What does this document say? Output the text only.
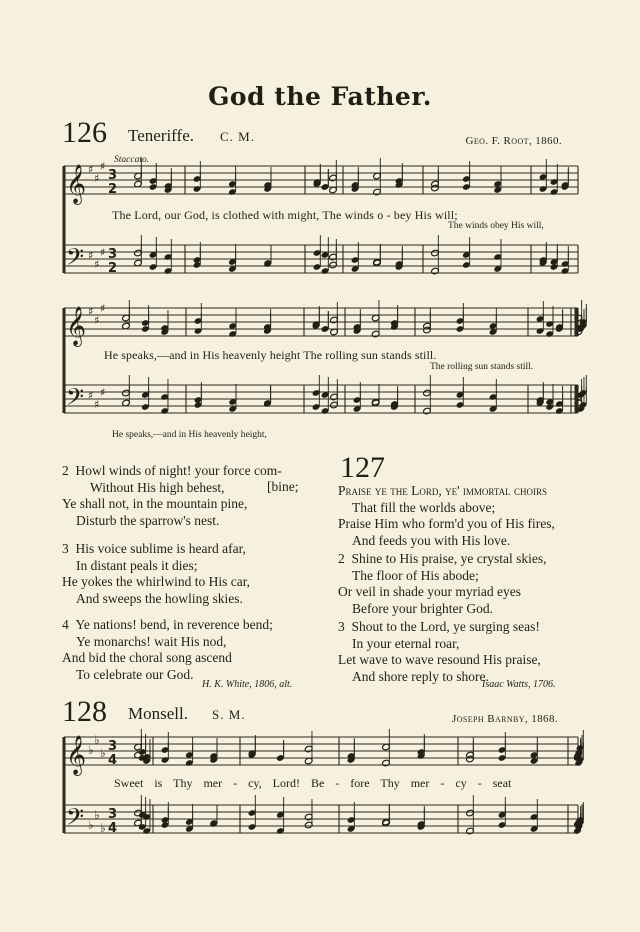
𝄞
𝄢
♯
♯
♯
♯
♯
♯
3
2
3
2
𝄞
𝄢
♯
♯
♯
♯
♯
♯
𝄞
𝄢
♭
♭
♭
♭
♭
♭
3
4
3
4
God the Father.
126 Teneriffe. C. M.	Geo. F. Root, 1860.
Staccato.
The Lord, our God, is clothed with might, The winds o - bey His will;
The winds obey His will,
He speaks,—and in His heavenly height The rolling sun stands still.
The rolling sun stands still.
He speaks,—and in His heavenly height,
2 Howl winds of night! your force com-
Without His high behest,
Ye shall not, in the mountain pine,
Disturb the sparrow's nest.
[bine;
3 His voice sublime is heard afar,
In distant peals it dies;
He yokes the whirlwind to His car,
And sweeps the howling skies.
4 Ye nations! bend, in reverence bend;
Ye monarchs! wait His nod,
And bid the choral song ascend
To celebrate our God.
H. K. White, 1806, alt.
127
Praise ye the Lord, ye' immortal choirs
That fill the worlds above;
Praise Him who form'd you of His fires,
And feeds you with His love.
2 Shine to His praise, ye crystal skies,
The floor of His abode;
Or veil in shade your myriad eyes
Before your brighter God.
3 Shout to the Lord, ye surging seas!
In your eternal roar,
Let wave to wave resound His praise,
And shore reply to shore.
Isaac Watts, 1706.
128 Monsell. S. M.	Joseph Barnby, 1868.
Sweet is Thy mer - cy, Lord! Be - fore Thy mer - cy - seat
